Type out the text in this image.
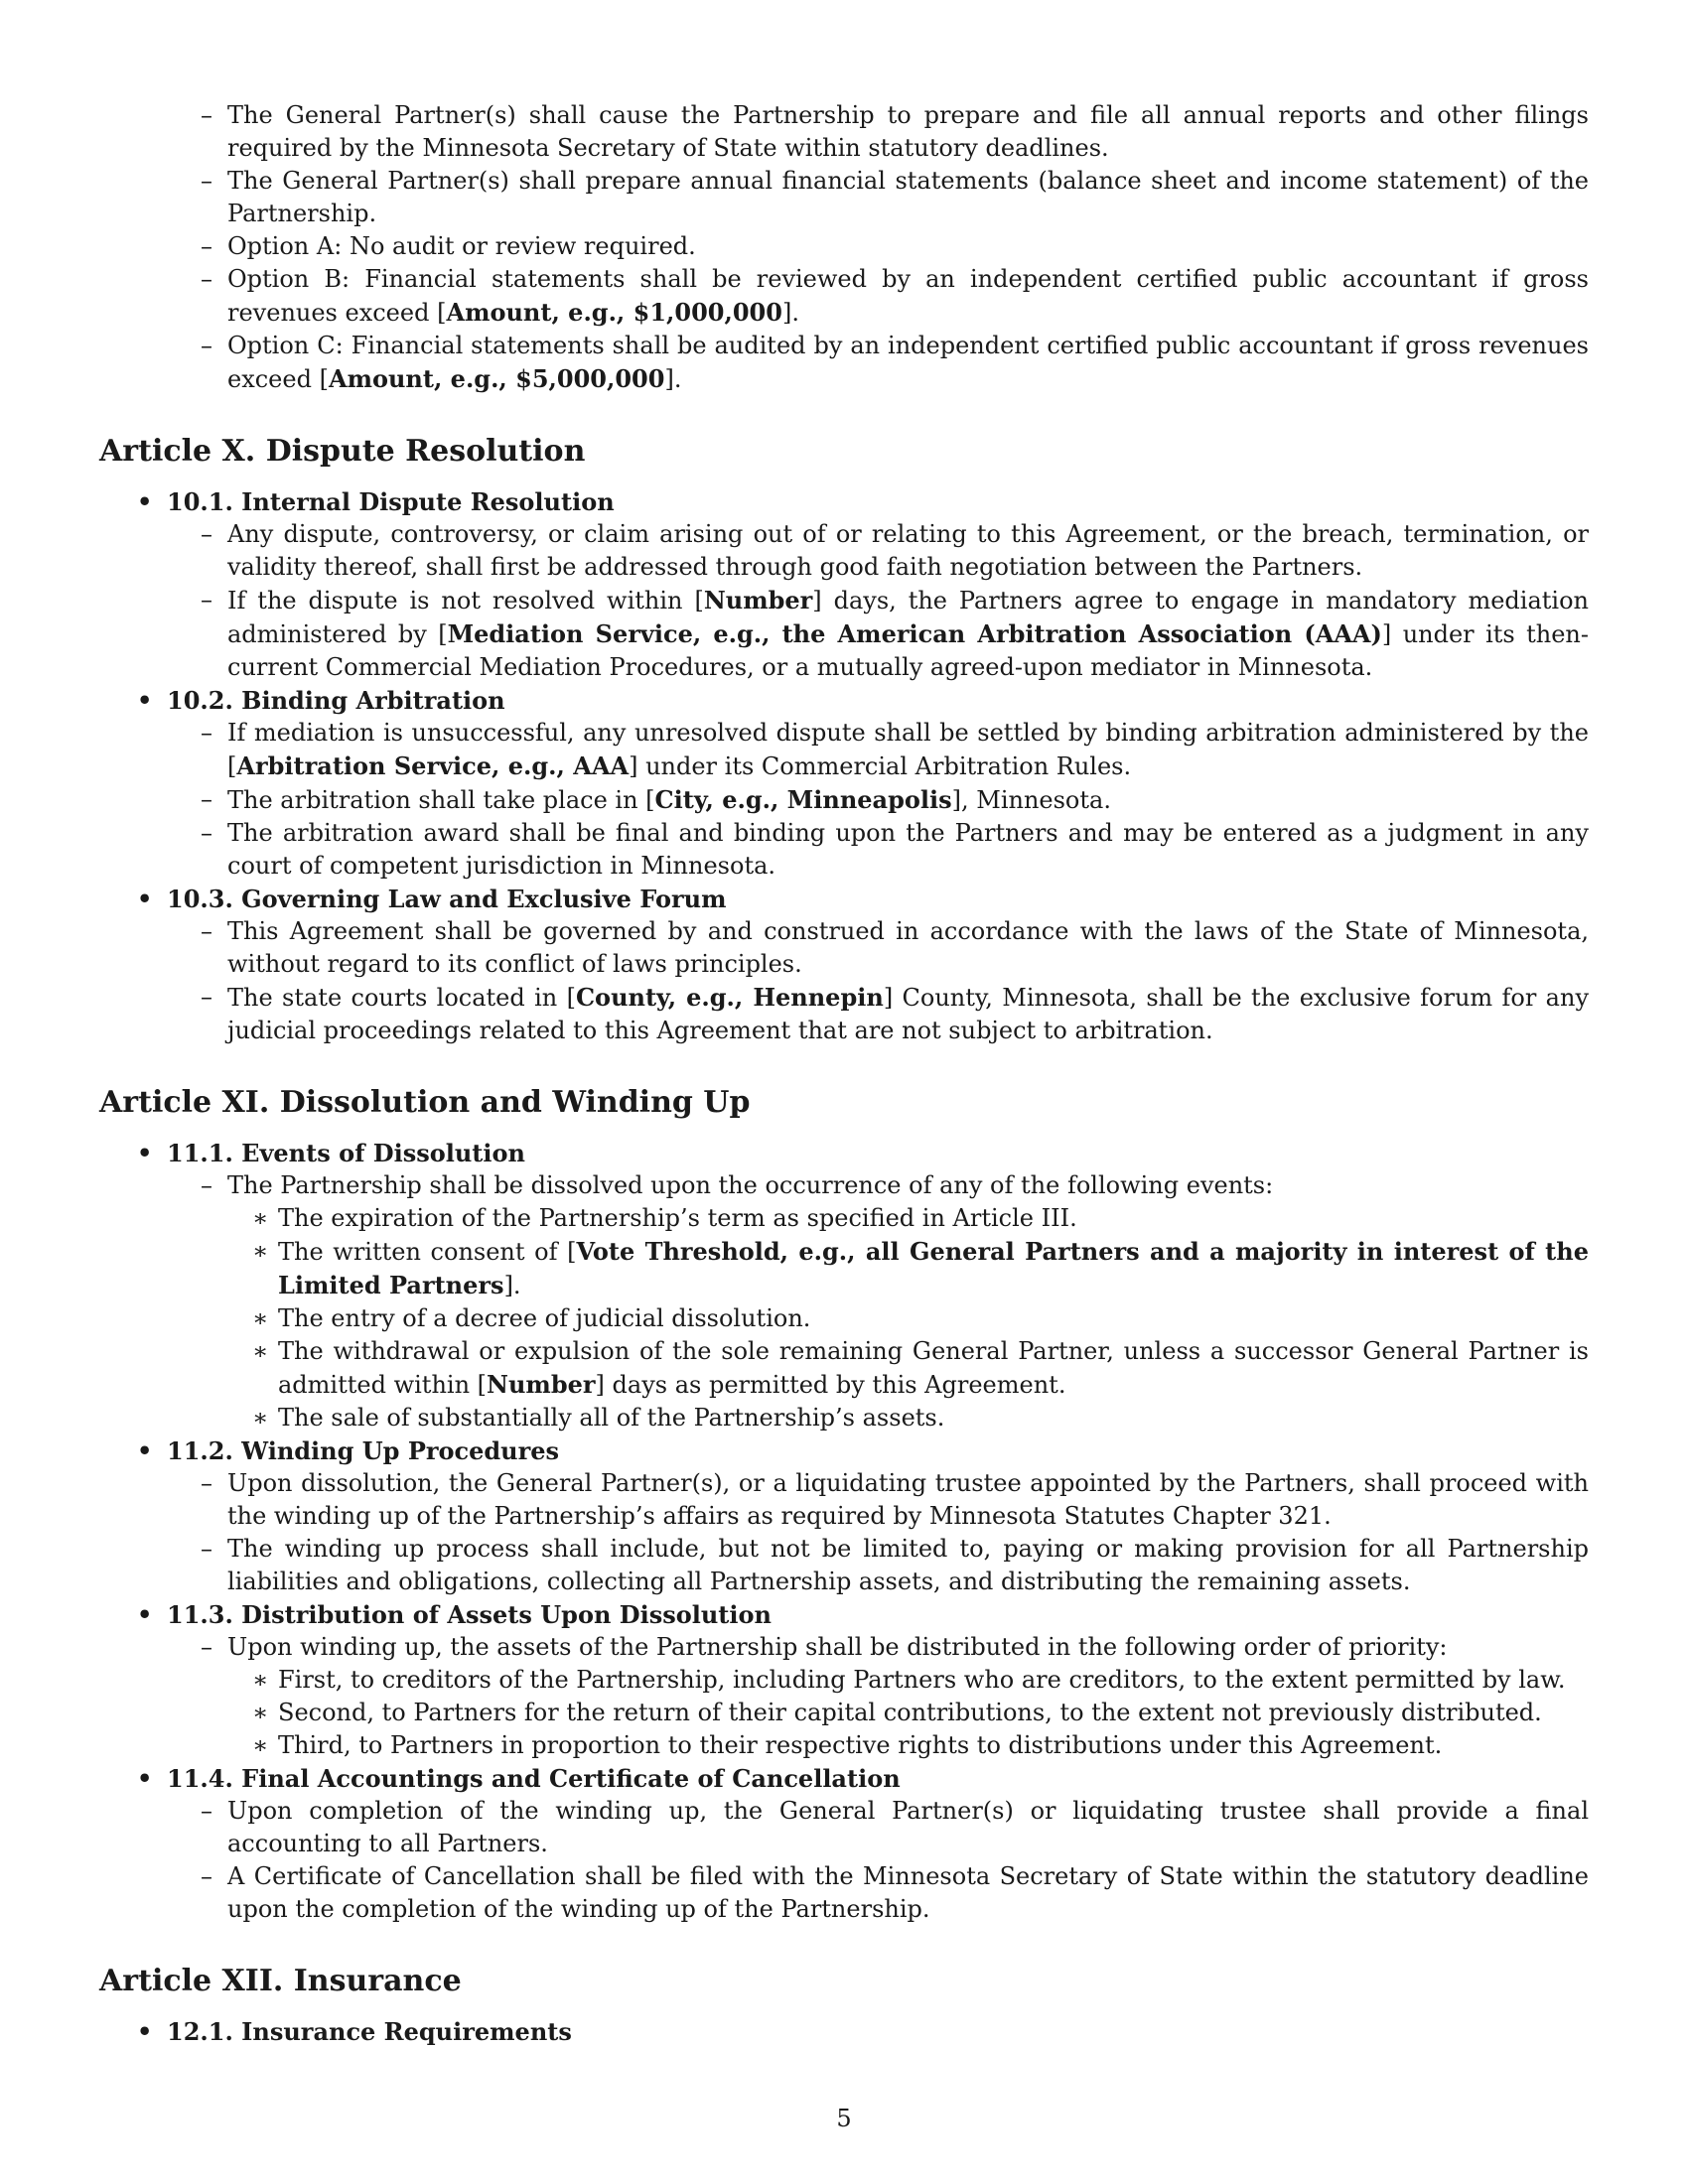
– The General Partner(s) shall cause the Partnership to prepare and file all annual reports and other filings required by the Minnesota Secretary of State within statutory deadlines.
– The General Partner(s) shall prepare annual financial statements (balance sheet and income statement) of the Partnership.
– Option A: No audit or review required.
– Option B: Financial statements shall be reviewed by an independent certified public accountant if gross revenues exceed [Amount, e.g., $1,000,000].
– Option C: Financial statements shall be audited by an independent certified public accountant if gross revenues exceed [Amount, e.g., $5,000,000].
Article X. Dispute Resolution
• 10.1. Internal Dispute Resolution
– Any dispute, controversy, or claim arising out of or relating to this Agreement, or the breach, termination, or validity thereof, shall first be addressed through good faith negotiation between the Partners.
– If the dispute is not resolved within [Number] days, the Partners agree to engage in mandatory mediation administered by [Mediation Service, e.g., the American Arbitration Association (AAA)] under its then-current Commercial Mediation Procedures, or a mutually agreed-upon mediator in Minnesota.
• 10.2. Binding Arbitration
– If mediation is unsuccessful, any unresolved dispute shall be settled by binding arbitration administered by the [Arbitration Service, e.g., AAA] under its Commercial Arbitration Rules.
– The arbitration shall take place in [City, e.g., Minneapolis], Minnesota.
– The arbitration award shall be final and binding upon the Partners and may be entered as a judgment in any court of competent jurisdiction in Minnesota.
• 10.3. Governing Law and Exclusive Forum
– This Agreement shall be governed by and construed in accordance with the laws of the State of Minnesota, without regard to its conflict of laws principles.
– The state courts located in [County, e.g., Hennepin] County, Minnesota, shall be the exclusive forum for any judicial proceedings related to this Agreement that are not subject to arbitration.
Article XI. Dissolution and Winding Up
• 11.1. Events of Dissolution
– The Partnership shall be dissolved upon the occurrence of any of the following events:
∗ The expiration of the Partnership’s term as specified in Article III.
∗ The written consent of [Vote Threshold, e.g., all General Partners and a majority in interest of the Limited Partners].
∗ The entry of a decree of judicial dissolution.
∗ The withdrawal or expulsion of the sole remaining General Partner, unless a successor General Partner is admitted within [Number] days as permitted by this Agreement.
∗ The sale of substantially all of the Partnership’s assets.
• 11.2. Winding Up Procedures
– Upon dissolution, the General Partner(s), or a liquidating trustee appointed by the Partners, shall proceed with the winding up of the Partnership’s affairs as required by Minnesota Statutes Chapter 321.
– The winding up process shall include, but not be limited to, paying or making provision for all Partnership liabilities and obligations, collecting all Partnership assets, and distributing the remaining assets.
• 11.3. Distribution of Assets Upon Dissolution
– Upon winding up, the assets of the Partnership shall be distributed in the following order of priority:
∗ First, to creditors of the Partnership, including Partners who are creditors, to the extent permitted by law.
∗ Second, to Partners for the return of their capital contributions, to the extent not previously distributed.
∗ Third, to Partners in proportion to their respective rights to distributions under this Agreement.
• 11.4. Final Accountings and Certificate of Cancellation
– Upon completion of the winding up, the General Partner(s) or liquidating trustee shall provide a final accounting to all Partners.
– A Certificate of Cancellation shall be filed with the Minnesota Secretary of State within the statutory deadline upon the completion of the winding up of the Partnership.
Article XII. Insurance
• 12.1. Insurance Requirements
5
